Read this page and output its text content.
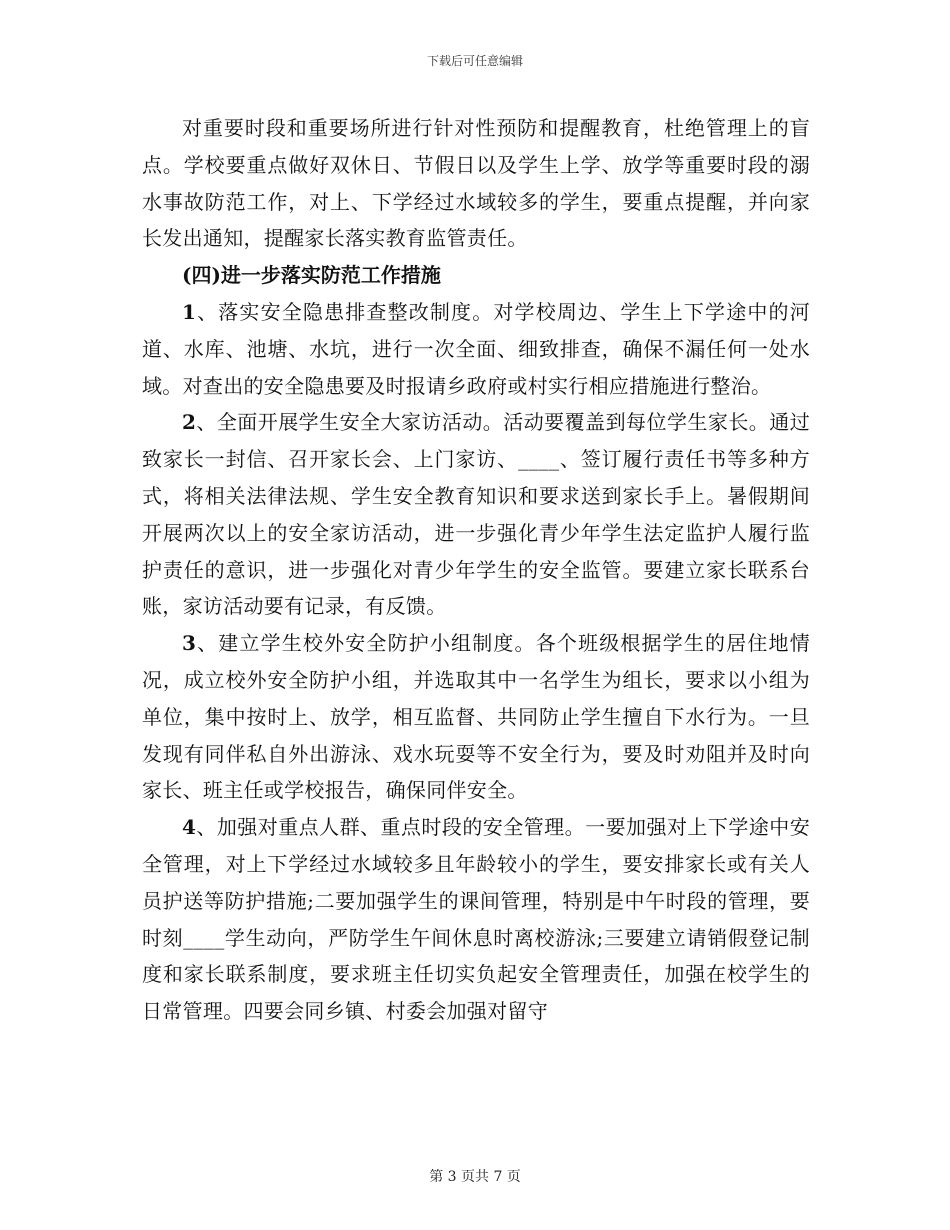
下载后可任意编辑

对重要时段和重要场所进行针对性预防和提醒教育，杜绝管理上的盲点。学校要重点做好双休日、节假日以及学生上学、放学等重要时段的溺水事故防范工作，对上、下学经过水域较多的学生，要重点提醒，并向家长发出通知，提醒家长落实教育监管责任。

(四)进一步落实防范工作措施

1、落实安全隐患排查整改制度。对学校周边、学生上下学途中的河道、水库、池塘、水坑，进行一次全面、细致排查，确保不漏任何一处水域。对查出的安全隐患要及时报请乡政府或村实行相应措施进行整治。

2、全面开展学生安全大家访活动。活动要覆盖到每位学生家长。通过致家长一封信、召开家长会、上门家访、____、签订履行责任书等多种方式，将相关法律法规、学生安全教育知识和要求送到家长手上。暑假期间开展两次以上的安全家访活动，进一步强化青少年学生法定监护人履行监护责任的意识，进一步强化对青少年学生的安全监管。要建立家长联系台账，家访活动要有记录，有反馈。

3、建立学生校外安全防护小组制度。各个班级根据学生的居住地情况，成立校外安全防护小组，并选取其中一名学生为组长，要求以小组为单位，集中按时上、放学，相互监督、共同防止学生擅自下水行为。一旦发现有同伴私自外出游泳、戏水玩耍等不安全行为，要及时劝阻并及时向家长、班主任或学校报告，确保同伴安全。

4、加强对重点人群、重点时段的安全管理。一要加强对上下学途中安全管理，对上下学经过水域较多且年龄较小的学生，要安排家长或有关人员护送等防护措施;二要加强学生的课间管理，特别是中午时段的管理，要时刻____学生动向，严防学生午间休息时离校游泳;三要建立请销假登记制度和家长联系制度，要求班主任切实负起安全管理责任，加强在校学生的日常管理。四要会同乡镇、村委会加强对留守

第 3 页共 7 页
